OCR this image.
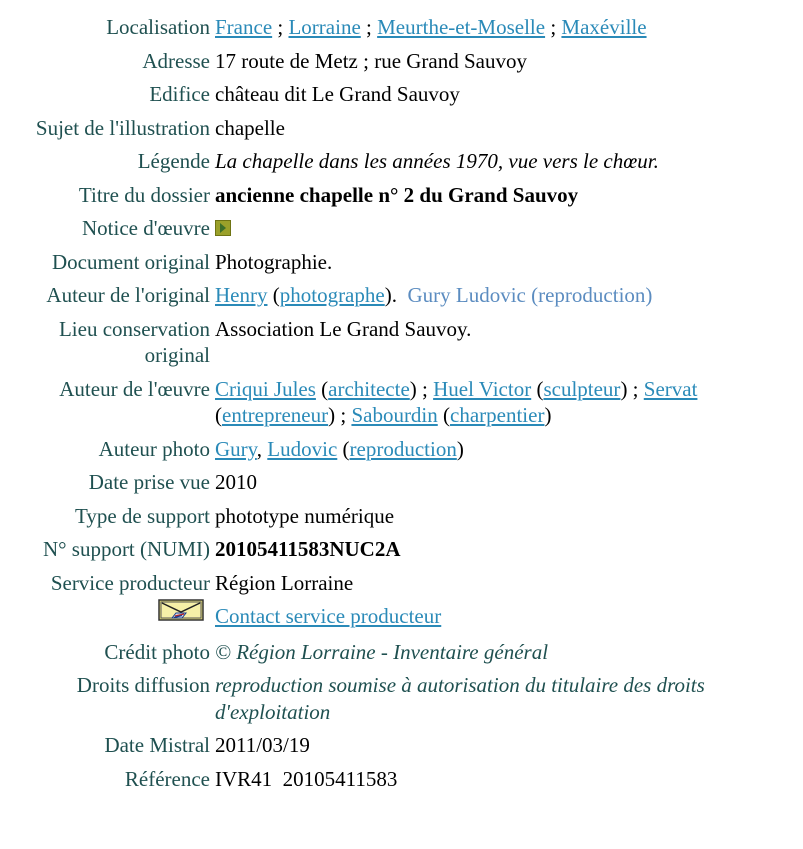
Localisation	France ; Lorraine ; Meurthe-et-Moselle ; Maxéville
Adresse	17 route de Metz ; rue Grand Sauvoy
Edifice	château dit Le Grand Sauvoy
Sujet de l'illustration	chapelle
Légende	La chapelle dans les années 1970, vue vers le chœur.
Titre du dossier	ancienne chapelle n° 2 du Grand Sauvoy
Notice d'œuvre	
Document original	Photographie.
Auteur de l'original	Henry (photographe).  Gury Ludovic (reproduction)
Lieu conservation original	Association Le Grand Sauvoy.
Auteur de l'œuvre	Criqui Jules (architecte) ; Huel Victor (sculpteur) ; Servat (entrepreneur) ; Sabourdin (charpentier)
Auteur photo	Gury, Ludovic (reproduction)
Date prise vue	2010
Type de support	phototype numérique
N° support (NUMI)	20105411583NUC2A
Service producteur	Région Lorraine
	Contact service producteur
Crédit photo	© Région Lorraine - Inventaire général
Droits diffusion	reproduction soumise à autorisation du titulaire des droits d'exploitation
Date Mistral	2011/03/19
Référence	IVR41  20105411583
